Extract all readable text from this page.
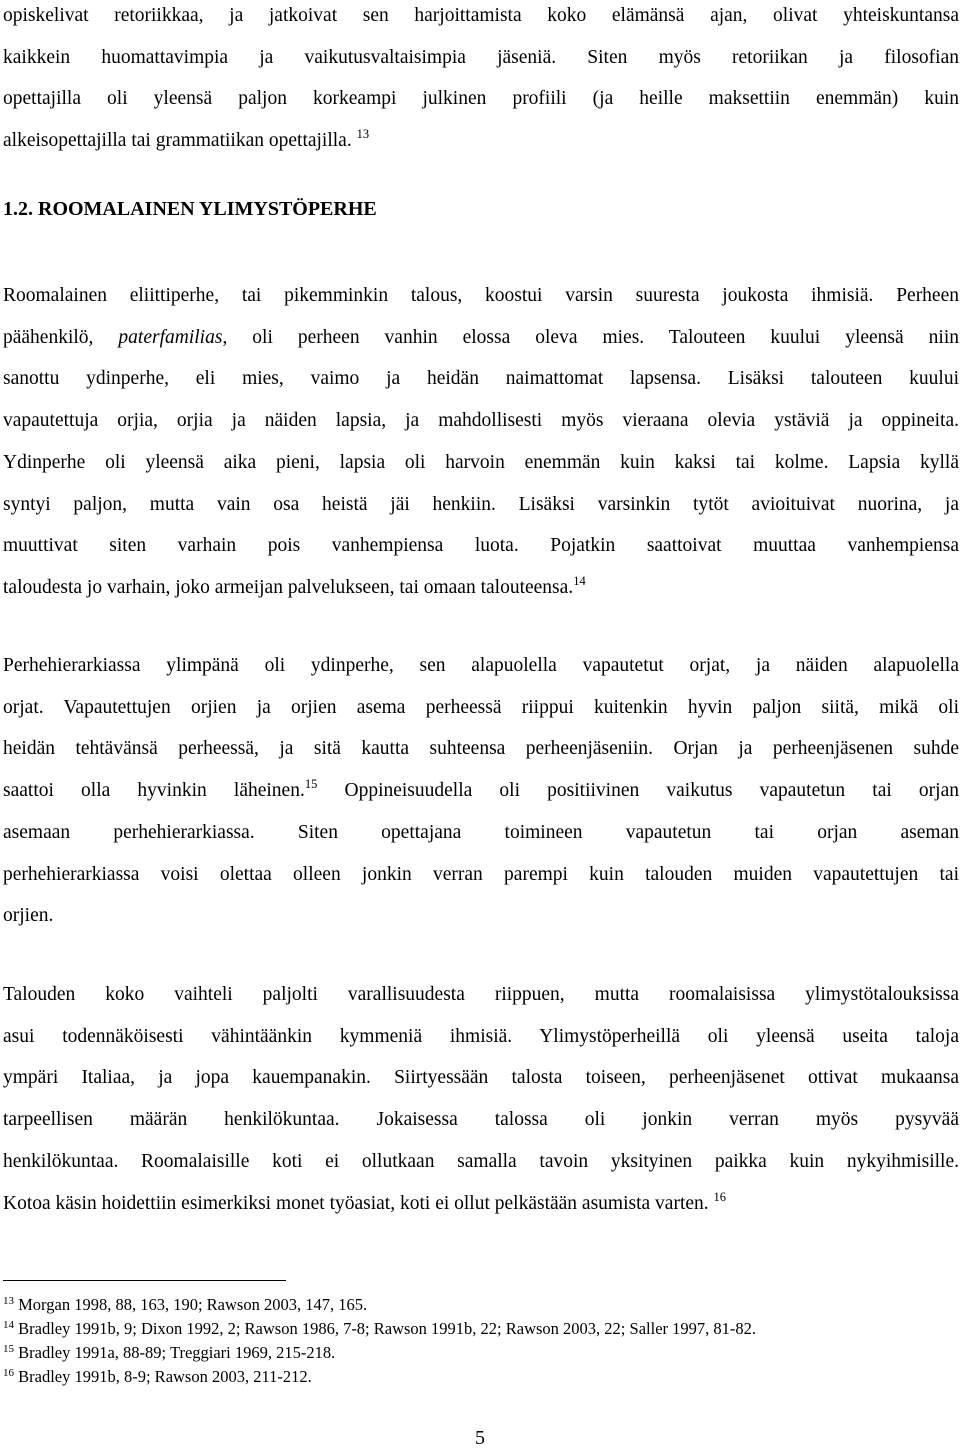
opiskelivat retoriikkaa, ja jatkoivat sen harjoittamista koko elämänsä ajan, olivat yhteiskuntansa
kaikkein huomattavimpia ja vaikutusvaltaisimpia jäseniä. Siten myös retoriikan ja filosofian
opettajilla oli yleensä paljon korkeampi julkinen profiili (ja heille maksettiin enemmän) kuin
alkeisopettajilla tai grammatiikan opettajilla. $^{13}$

1.2. ROOMALAINEN YLIMYSTÖPERHE

Roomalainen eliittiperhe, tai pikemminkin talous, koostui varsin suuresta joukosta ihmisiä. Perheen
päähenkilö, paterfamilias, oli perheen vanhin elossa oleva mies. Talouteen kuului yleensä niin
sanottu ydinperhe, eli mies, vaimo ja heidän naimattomat lapsensa. Lisäksi talouteen kuului
vapautettuja orjia, orjia ja näiden lapsia, ja mahdollisesti myös vieraana olevia ystäviä ja oppineita.
Ydinperhe oli yleensä aika pieni, lapsia oli harvoin enemmän kuin kaksi tai kolme. Lapsia kyllä
syntyi paljon, mutta vain osa heistä jäi henkiin. Lisäksi varsinkin tytöt avioituivat nuorina, ja
muuttivat siten varhain pois vanhempiensa luota. Pojatkin saattoivat muuttaa vanhempiensa
taloudesta jo varhain, joko armeijan palvelukseen, tai omaan talouteensa.$^{14}$

Perhehierarkiassa ylimpänä oli ydinperhe, sen alapuolella vapautetut orjat, ja näiden alapuolella
orjat. Vapautettujen orjien ja orjien asema perheessä riippui kuitenkin hyvin paljon siitä, mikä oli
heidän tehtävänsä perheessä, ja sitä kautta suhteensa perheenjäseniin. Orjan ja perheenjäsenen suhde
saattoi olla hyvinkin läheinen.$^{15}$ Oppineisuudella oli positiivinen vaikutus vapautetun tai orjan
asemaan perhehierarkiassa. Siten opettajana toimineen vapautetun tai orjan aseman
perhehierarkiassa voisi olettaa olleen jonkin verran parempi kuin talouden muiden vapautettujen tai
orjien.

Talouden koko vaihteli paljolti varallisuudesta riippuen, mutta roomalaisissa ylimystötalouksissa
asui todennäköisesti vähintäänkin kymmeniä ihmisiä. Ylimystöperheillä oli yleensä useita taloja
ympäri Italiaa, ja jopa kauempanakin. Siirtyessään talosta toiseen, perheenjäsenet ottivat mukaansa
tarpeellisen määrän henkilökuntaa. Jokaisessa talossa oli jonkin verran myös pysyvää
henkilökuntaa. Roomalaisille koti ei ollutkaan samalla tavoin yksityinen paikka kuin nykyihmisille.
Kotoa käsin hoidettiin esimerkiksi monet työasiat, koti ei ollut pelkästään asumista varten. $^{16}$

$^{13}$ Morgan 1998, 88, 163, 190; Rawson 2003, 147, 165.

$^{14}$ Bradley 1991b, 9; Dixon 1992, 2; Rawson 1986, 7-8; Rawson 1991b, 22; Rawson 2003, 22; Saller 1997, 81-82.

$^{15}$ Bradley 1991a, 88-89; Treggiari 1969, 215-218.

$^{16}$ Bradley 1991b, 8-9; Rawson 2003, 211-212.

5
